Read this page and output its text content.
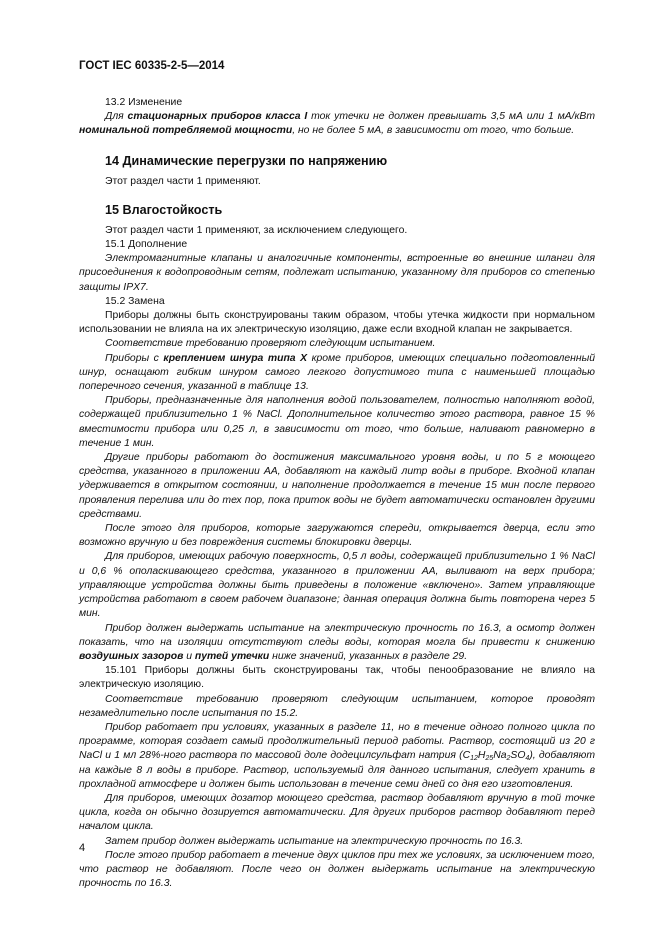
ГОСТ IEC 60335-2-5—2014

13.2 Изменение

Для стационарных приборов класса I ток утечки не должен превышать 3,5 мА или 1 мА/кВт номинальной потребляемой мощности, но не более 5 мА, в зависимости от того, что больше.

14 Динамические перегрузки по напряжению

Этот раздел части 1 применяют.

15 Влагостойкость

Этот раздел части 1 применяют, за исключением следующего.

15.1 Дополнение

Электромагнитные клапаны и аналогичные компоненты, встроенные во внешние шланги для присоединения к водопроводным сетям, подлежат испытанию, указанному для приборов со степенью защиты IPX7.

15.2 Замена

Приборы должны быть сконструированы таким образом, чтобы утечка жидкости при нормальном использовании не влияла на их электрическую изоляцию, даже если входной клапан не закрывается.

Соответствие требованию проверяют следующим испытанием.

Приборы с креплением шнура типа X кроме приборов, имеющих специально подготовленный шнур, оснащают гибким шнуром самого легкого допустимого типа с наименьшей площадью поперечного сечения, указанной в таблице 13.

Приборы, предназначенные для наполнения водой пользователем, полностью наполняют водой, содержащей приблизительно 1 % NaCl. Дополнительное количество этого раствора, равное 15 % вместимости прибора или 0,25 л, в зависимости от того, что больше, наливают равномерно в течение 1 мин.

Другие приборы работают до достижения максимального уровня воды, и по 5 г моющего средства, указанного в приложении АА, добавляют на каждый литр воды в приборе. Входной клапан удерживается в открытом состоянии, и наполнение продолжается в течение 15 мин после первого проявления перелива или до тех пор, пока приток воды не будет автоматически остановлен другими средствами.

После этого для приборов, которые загружаются спереди, открывается дверца, если это возможно вручную и без повреждения системы блокировки дверцы.

Для приборов, имеющих рабочую поверхность, 0,5 л воды, содержащей приблизительно 1 % NaCl и 0,6 % ополаскивающего средства, указанного в приложении АА, выливают на верх прибора; управляющие устройства должны быть приведены в положение «включено». Затем управляющие устройства работают в своем рабочем диапазоне; данная операция должна быть повторена через 5 мин.

Прибор должен выдержать испытание на электрическую прочность по 16.3, а осмотр должен показать, что на изоляции отсутствуют следы воды, которая могла бы привести к снижению воздушных зазоров и путей утечки ниже значений, указанных в разделе 29.

15.101 Приборы должны быть сконструированы так, чтобы пенообразование не влияло на электрическую изоляцию.

Соответствие требованию проверяют следующим испытанием, которое проводят незамедлительно после испытания по 15.2.

Прибор работает при условиях, указанных в разделе 11, но в течение одного полного цикла по программе, которая создает самый продолжительный период работы. Раствор, состоящий из 20 г NaCl и 1 мл 28%-ного раствора по массовой доле додецилсульфат натрия $(C_{12}H_{25}Na_2SO_4)$, добавляют на каждые 8 л воды в приборе. Раствор, используемый для данного испытания, следует хранить в прохладной атмосфере и должен быть использован в течение семи дней со дня его изготовления.

Для приборов, имеющих дозатор моющего средства, раствор добавляют вручную в той точке цикла, когда он обычно дозируется автоматически. Для других приборов раствор добавляют перед началом цикла.

Затем прибор должен выдержать испытание на электрическую прочность по 16.3.

После этого прибор работает в течение двух циклов при тех же условиях, за исключением того, что раствор не добавляют. После чего он должен выдержать испытание на электрическую прочность по 16.3.

4
